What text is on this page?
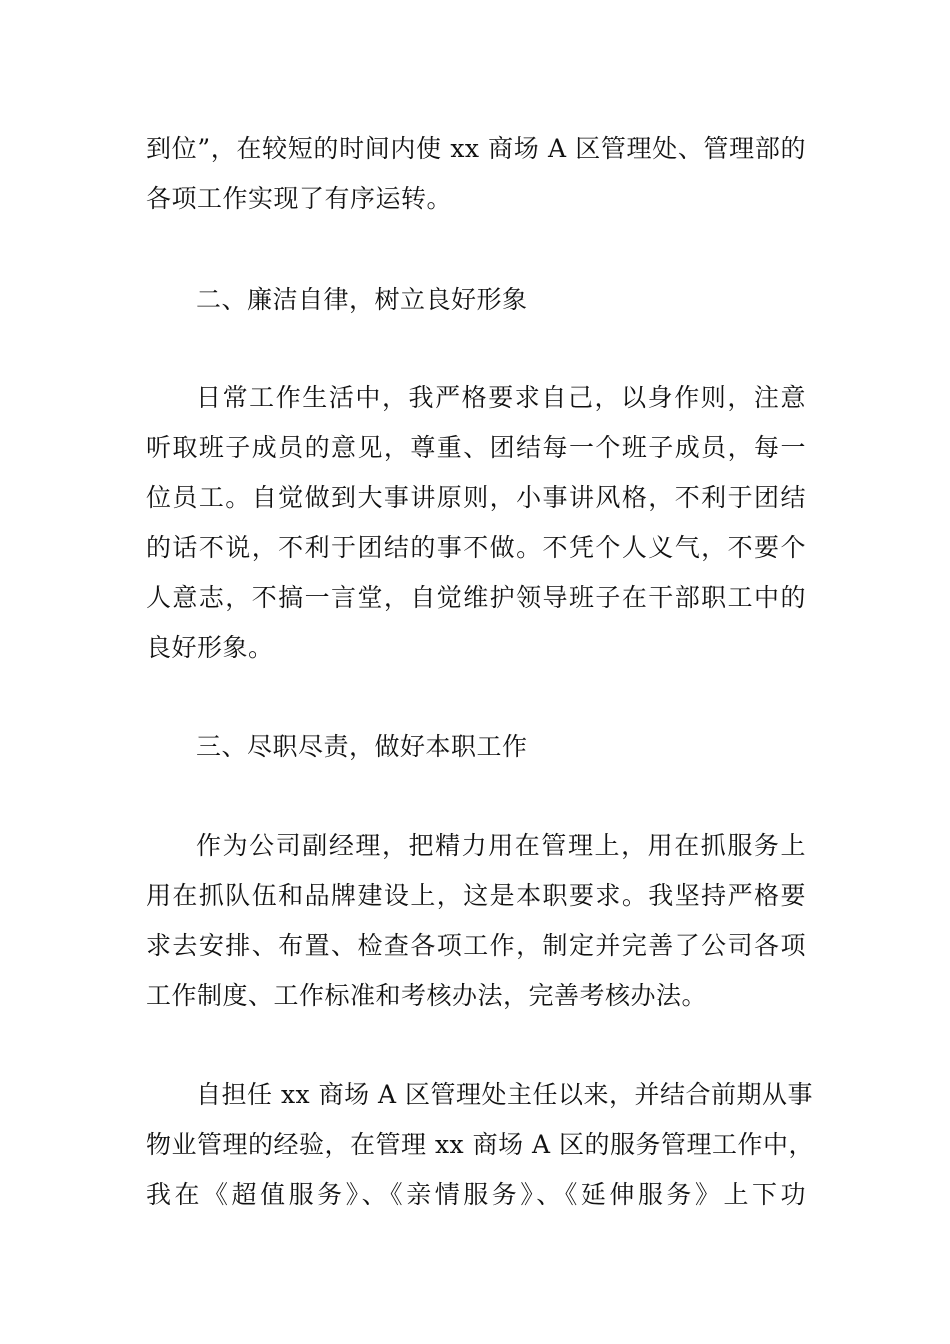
到位”，在较短的时间内使 xx 商场 A 区管理处、管理部的
各项工作实现了有序运转。
二、廉洁自律，树立良好形象
日常工作生活中，我严格要求自己，以身作则，注意
听取班子成员的意见，尊重、团结每一个班子成员，每一
位员工。自觉做到大事讲原则，小事讲风格，不利于团结
的话不说，不利于团结的事不做。不凭个人义气，不要个
人意志，不搞一言堂，自觉维护领导班子在干部职工中的
良好形象。
三、尽职尽责，做好本职工作
作为公司副经理，把精力用在管理上，用在抓服务上
用在抓队伍和品牌建设上，这是本职要求。我坚持严格要
求去安排、布置、检查各项工作，制定并完善了公司各项
工作制度、工作标准和考核办法，完善考核办法。
自担任 xx 商场 A 区管理处主任以来，并结合前期从事
物业管理的经验，在管理 xx 商场 A 区的服务管理工作中，
我在《超值服务》、《亲情服务》、《延伸服务》上下功
